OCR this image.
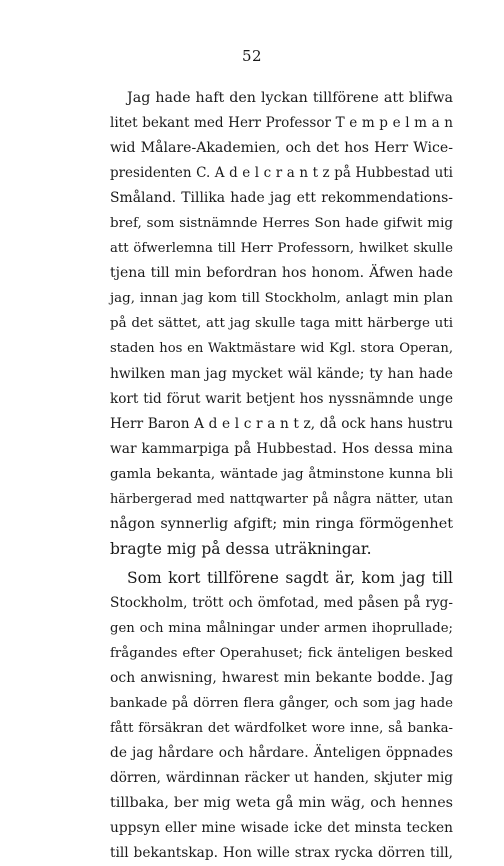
52
Jag hade haft den lyckan tillförene att blifwa
litet bekant med Herr Professor T e m p e l m a n
wid Målare-Akademien, och det hos Herr Wice-
presidenten C. A d e l c r a n t z på Hubbestad uti
Småland. Tillika hade jag ett rekommendations-
bref, som sistnämnde Herres Son hade gifwit mig
att öfwerlemna till Herr Professorn, hwilket skulle
tjena till min befordran hos honom. Äfwen hade
jag, innan jag kom till Stockholm, anlagt min plan
på det sättet, att jag skulle taga mitt härberge uti
staden hos en Waktmästare wid Kgl. stora Operan,
hwilken man jag mycket wäl kände; ty han hade
kort tid förut warit betjent hos nyssnämnde unge
Herr Baron A d e l c r a n t z, då ock hans hustru
war kammarpiga på Hubbestad. Hos dessa mina
gamla bekanta, wäntade jag åtminstone kunna bli
härbergerad med nattqwarter på några nätter, utan
någon synnerlig afgift; min ringa förmögenhet
bragte mig på dessa uträkningar.
Som kort tillförene sagdt är, kom jag till
Stockholm, trött och ömfotad, med påsen på ryg-
gen och mina målningar under armen ihoprullade;
frågandes efter Operahuset; fick änteligen besked
och anwisning, hwarest min bekante bodde. Jag
bankade på dörren flera gånger, och som jag hade
fått försäkran det wärdfolket wore inne, så banka-
de jag hårdare och hårdare. Änteligen öppnades
dörren, wärdinnan räcker ut handen, skjuter mig
tillbaka, ber mig weta gå min wäg, och hennes
uppsyn eller mine wisade icke det minsta tecken
till bekantskap. Hon wille strax rycka dörren till,
